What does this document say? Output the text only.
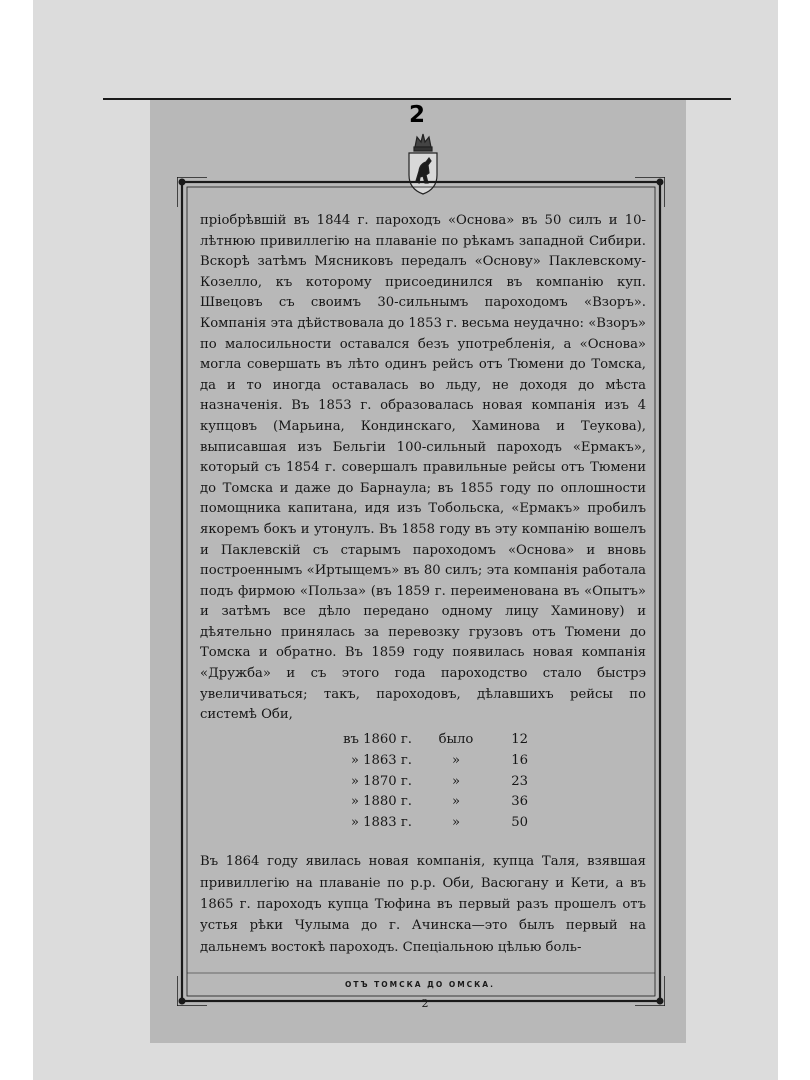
2

пріобрѣвшій въ 1844 г. пароходъ «Основа» въ 50 силъ и 10-лѣтнюю привиллегію на плаваніе по рѣкамъ западной Сибири. Вскорѣ затѣмъ Мясниковъ передалъ «Основу» Паклевскому-Козелло, къ которому присоединился въ компанію куп. Швецовъ съ своимъ 30-сильнымъ пароходомъ «Взоръ». Компанія эта дѣйствовала до 1853 г. весьма неудачно: «Взоръ» по малосильности оставался безъ употребленія, а «Основа» могла совершать въ лѣто одинъ рейсъ отъ Тюмени до Томска, да и то иногда оставалась во льду, не доходя до мѣста назначенія. Въ 1853 г. образовалась новая компанія изъ 4 купцовъ (Марьина, Кондинскаго, Хаминова и Теукова), выписавшая изъ Бельгіи 100-сильный пароходъ «Ермакъ», который съ 1854 г. совершалъ правильные рейсы отъ Тюмени до Томска и даже до Барнаула; въ 1855 году по оплошности помощника капитана, идя изъ Тобольска, «Ермакъ» пробилъ якоремъ бокъ и утонулъ. Въ 1858 году въ эту компанію вошелъ и Паклевскій съ старымъ пароходомъ «Основа» и вновь построеннымъ «Иртыщемъ» въ 80 силъ; эта компанія работала подъ фирмою «Польза» (въ 1859 г. переименована въ «Опытъ» и затѣмъ все дѣло передано одному лицу Хаминову) и дѣятельно принялась за перевозку грузовъ отъ Тюмени до Томска и обратно. Въ 1859 году появилась новая компанія «Дружба» и съ этого года пароходство стало быстрэ увеличиваться; такъ, пароходовъ, дѣлавшихъ рейсы по системѣ Оби,

въ 1860 г.	было	12
» 1863 г.	»	16
» 1870 г.	»	23
» 1880 г.	»	36
» 1883 г.	»	50

Въ 1864 году явилась новая компанія, купца Таля, взявшая привиллегію на плаваніе по р.р. Оби, Васюгану и Кети, а въ 1865 г. пароходъ купца Тюфина въ первый разъ прошелъ отъ устья рѣки Чулыма до г. Ачинска—это былъ первый на дальнемъ востокѣ пароходъ. Спеціальною цѣлью боль-

ОТЪ ТОМСКА ДО ОМСКА.
2
